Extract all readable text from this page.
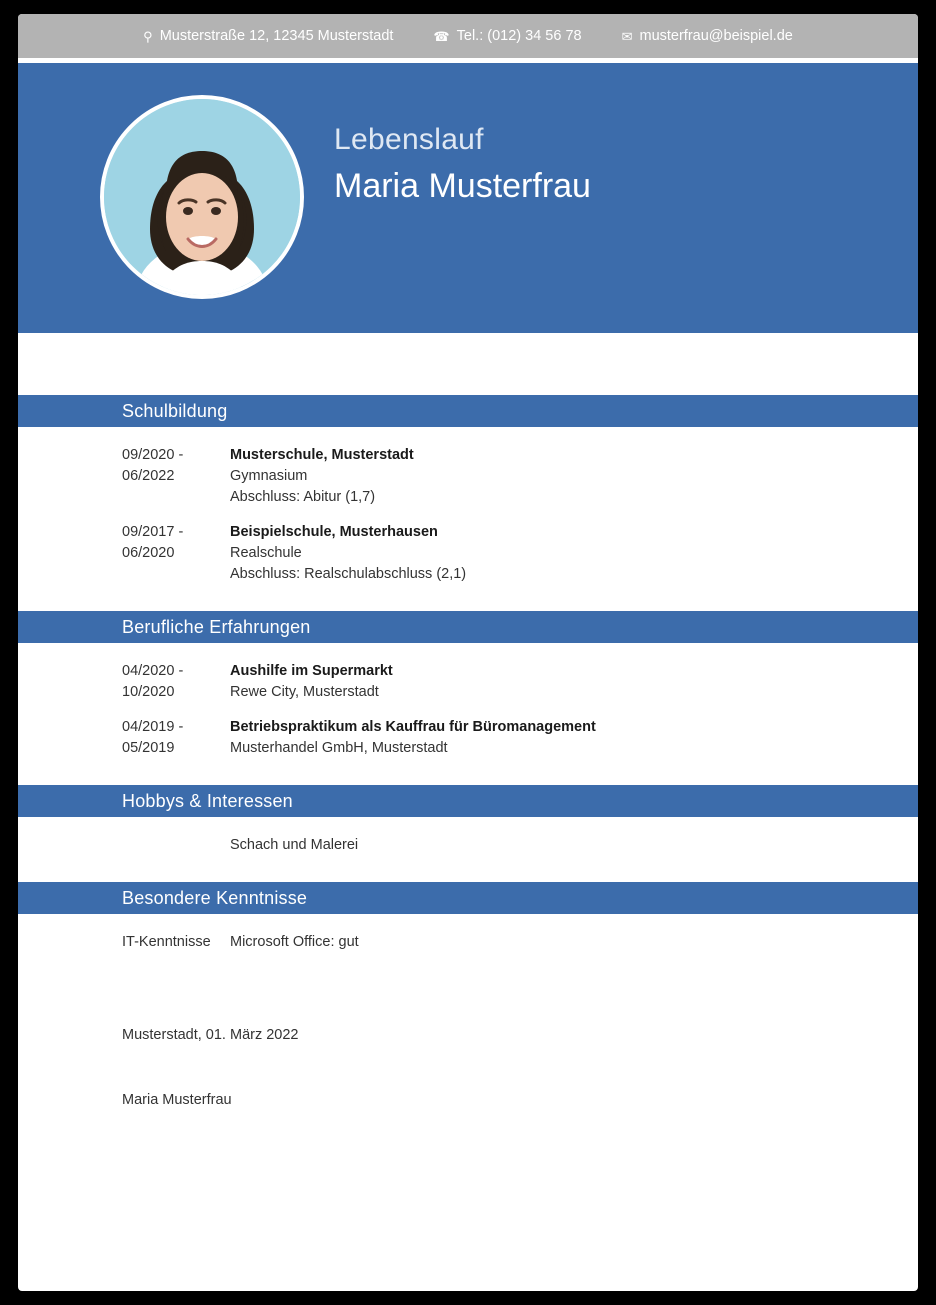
⚲ Musterstraße 12, 12345 Musterstadt	☎ Tel.: (012) 34 56 78	✉ musterfrau@beispiel.de
Lebenslauf
Maria Musterfrau
Schulbildung
09/2020 - 06/2022
Musterschule, Musterstadt
Gymnasium
Abschluss: Abitur (1,7)
09/2017 - 06/2020
Beispielschule, Musterhausen
Realschule
Abschluss: Realschulabschluss (2,1)
Berufliche Erfahrungen
04/2020 - 10/2020
Aushilfe im Supermarkt
Rewe City, Musterstadt
04/2019 - 05/2019
Betriebspraktikum als Kauffrau für Büromanagement
Musterhandel GmbH, Musterstadt
Hobbys & Interessen
Schach und Malerei
Besondere Kenntnisse
IT-Kenntnisse	Microsoft Office: gut
Musterstadt, 01. März 2022
Maria Musterfrau
